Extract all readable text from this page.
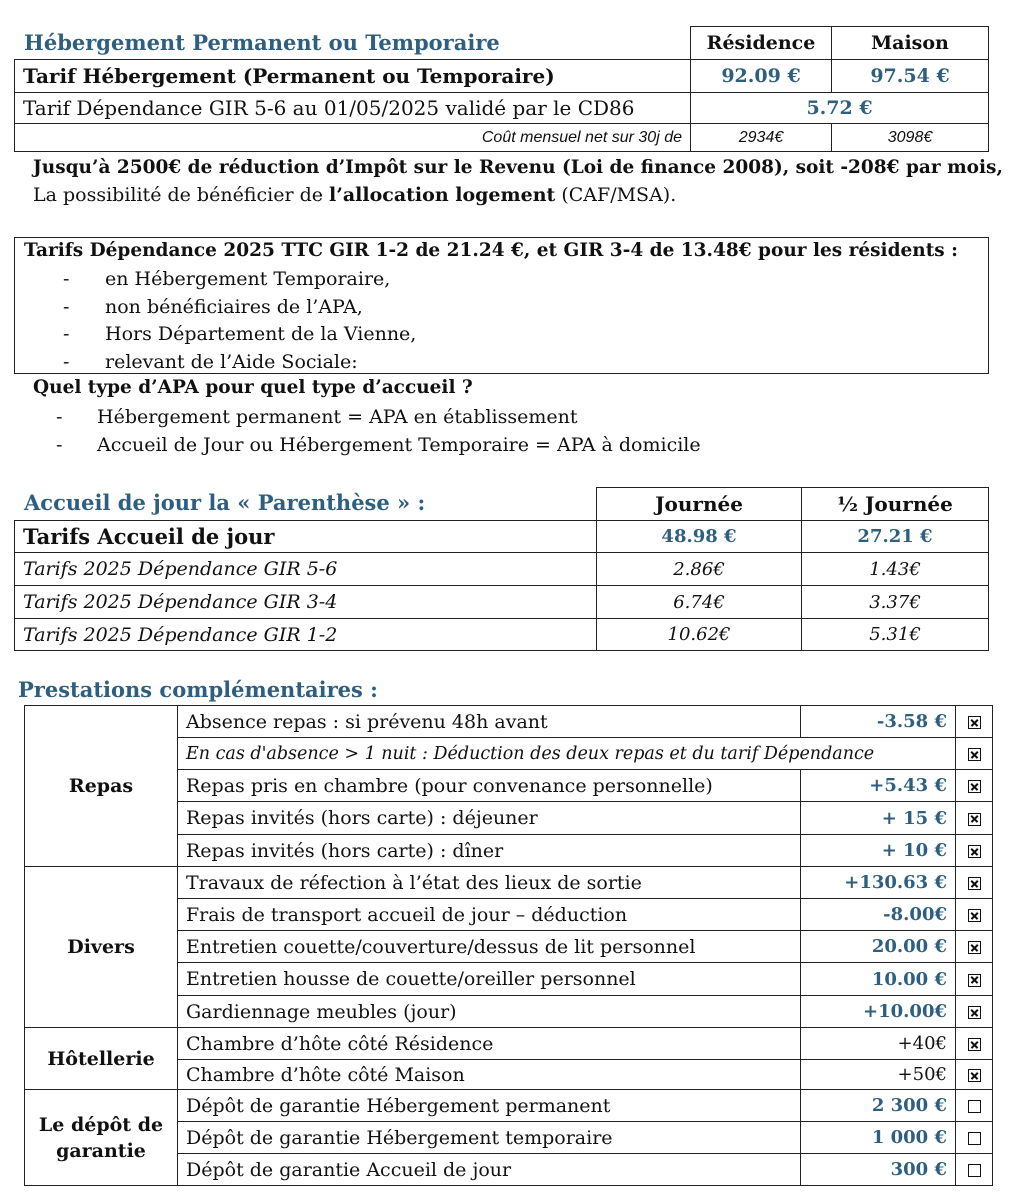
Hébergement Permanent ou Temporaire
		Résidence	Maison
Tarif Hébergement (Permanent ou Temporaire)	92.09 €	97.54 €
Tarif Dépendance GIR 5-6 au 01/05/2025 validé par le CD86	5.72 €	
Coût mensuel net sur 30j de	2934€	3098€
Jusqu’à 2500€ de réduction d’Impôt sur le Revenu (Loi de finance 2008), soit -208€ par mois,
La possibilité de bénéficier de l’allocation logement (CAF/MSA).
Tarifs Dépendance 2025 TTC GIR 1-2 de 21.24 €, et GIR 3-4 de 13.48€ pour les résidents :
- en Hébergement Temporaire,
- non bénéficiaires de l’APA,
- Hors Département de la Vienne,
- relevant de l’Aide Sociale:
Quel type d’APA pour quel type d’accueil ?
- Hébergement permanent = APA en établissement
- Accueil de Jour ou Hébergement Temporaire = APA à domicile
Accueil de jour la « Parenthèse » :
		Journée	½ Journée
Tarifs Accueil de jour	48.98 €	27.21 €
Tarifs 2025 Dépendance GIR 5-6	2.86€	1.43€
Tarifs 2025 Dépendance GIR 3-4	6.74€	3.37€
Tarifs 2025 Dépendance GIR 1-2	10.62€	5.31€
Prestations complémentaires :
Repas	Absence repas : si prévenu 48h avant	-3.58 €	
	En cas d'absence > 1 nuit : Déduction des deux repas et du tarif Dépendance		
	Repas pris en chambre (pour convenance personnelle)	+5.43 €	
	Repas invités (hors carte) : déjeuner	+ 15 €	
	Repas invités (hors carte) : dîner	+ 10 €	
Divers	Travaux de réfection à l’état des lieux de sortie	+130.63 €	
	Frais de transport accueil de jour – déduction	-8.00€	
	Entretien couette/couverture/dessus de lit personnel	20.00 €	
	Entretien housse de couette/oreiller personnel	10.00 €	
	Gardiennage meubles (jour)	+10.00€	
Hôtellerie	Chambre d’hôte côté Résidence	+40€	
	Chambre d’hôte côté Maison	+50€	
Le dépôt de
garantie	Dépôt de garantie Hébergement permanent	2 300 €	
	Dépôt de garantie Hébergement temporaire	1 000 €	
	Dépôt de garantie Accueil de jour	300 €	
